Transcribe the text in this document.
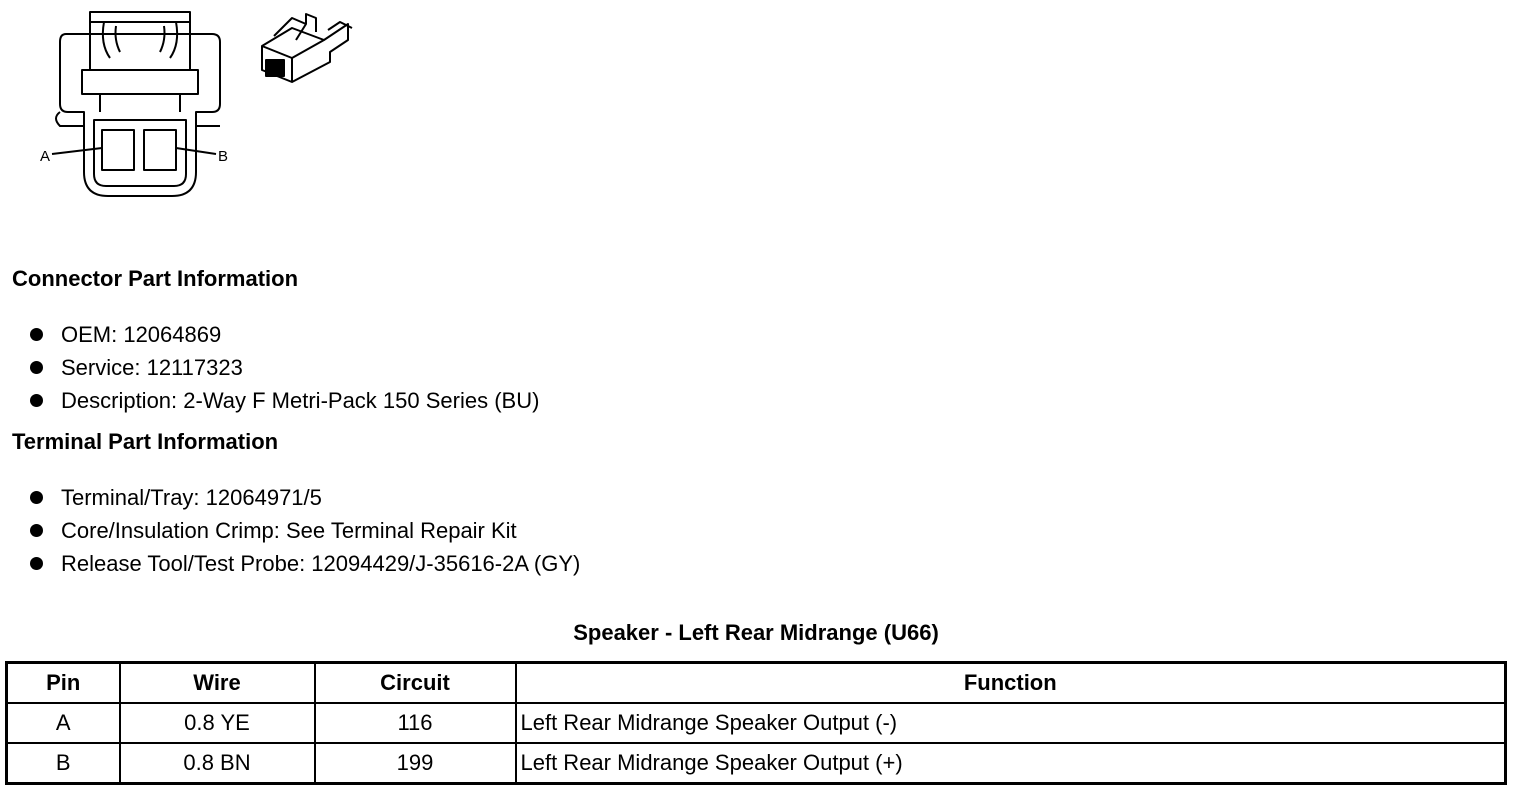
A	B
Connector Part Information
OEM: 12064869
Service: 12117323
Description: 2-Way F Metri-Pack 150 Series (BU)
Terminal Part Information
Terminal/Tray: 12064971/5
Core/Insulation Crimp: See Terminal Repair Kit
Release Tool/Test Probe: 12094429/J-35616-2A (GY)
Speaker - Left Rear Midrange (U66)
Pin	Wire	Circuit	Function
A	0.8 YE	116	Left Rear Midrange Speaker Output (-)
B	0.8 BN	199	Left Rear Midrange Speaker Output (+)
